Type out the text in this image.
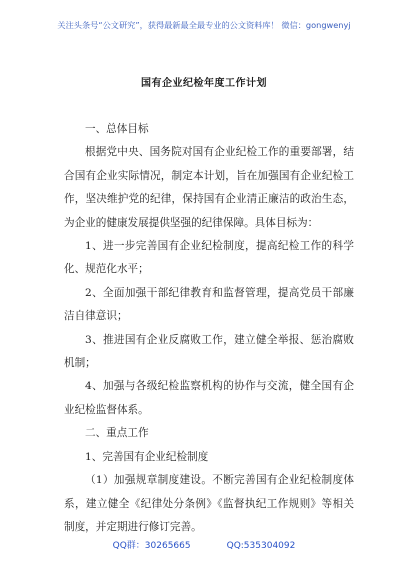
关注头条号“公文研究”，获得最新最全最专业的公文资料库！ 微信：gongwenyj
国有企业纪检年度工作计划

一、总体目标

根据党中央、国务院对国有企业纪检工作的重要部署，结合国有企业实际情况，制定本计划，旨在加强国有企业纪检工作，坚决维护党的纪律，保持国有企业清正廉洁的政治生态，为企业的健康发展提供坚强的纪律保障。具体目标为：

1、进一步完善国有企业纪检制度，提高纪检工作的科学化、规范化水平；

2、全面加强干部纪律教育和监督管理，提高党员干部廉洁自律意识；

3、推进国有企业反腐败工作，建立健全举报、惩治腐败机制；

4、加强与各级纪检监察机构的协作与交流，健全国有企业纪检监督体系。

二、重点工作

1、完善国有企业纪检制度

（1）加强规章制度建设。不断完善国有企业纪检制度体系，建立健全《纪律处分条例》《监督执纪工作规则》等相关制度，并定期进行修订完善。

QQ群：30265665	QQ:535304092
